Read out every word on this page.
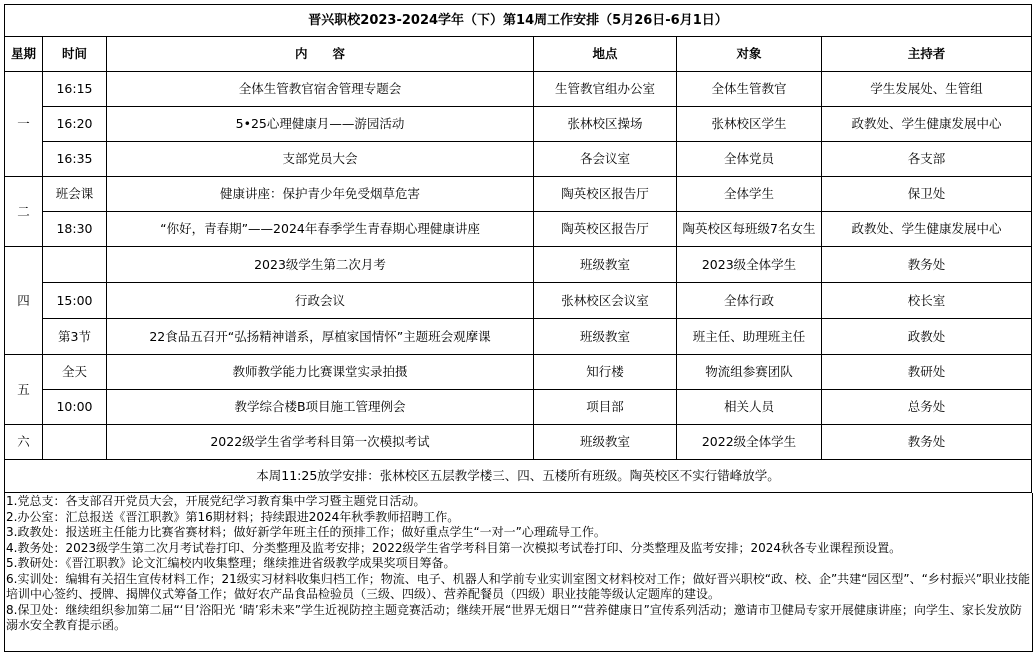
晋兴职校2023-2024学年（下）第14周工作安排（5月26日-6月1日）					
星期	时间	内　　容	地点	对象	主持者
一	16:15	全体生管教官宿舍管理专题会	生管教官组办公室	全体生管教官	学生发展处、生管组
	16:20	5•25心理健康月——游园活动	张林校区操场	张林校区学生	政教处、学生健康发展中心
	16:35	支部党员大会	各会议室	全体党员	各支部
二	班会课	健康讲座：保护青少年免受烟草危害	陶英校区报告厅	全体学生	保卫处
	18:30	“你好，青春期”——2024年春季学生青春期心理健康讲座	陶英校区报告厅	陶英校区每班级7名女生	政教处、学生健康发展中心
四		2023级学生第二次月考	班级教室	2023级全体学生	教务处
	15:00	行政会议	张林校区会议室	全体行政	校长室
	第3节	22食品五召开“弘扬精神谱系，厚植家国情怀”主题班会观摩课	班级教室	班主任、助理班主任	政教处
五	全天	教师教学能力比赛课堂实录拍摄	知行楼	物流组参赛团队	教研处
	10:00	教学综合楼B项目施工管理例会	项目部	相关人员	总务处
六		2022级学生省学考科目第一次模拟考试	班级教室	2022级全体学生	教务处
本周11:25放学安排：张林校区五层教学楼三、四、五楼所有班级。陶英校区不实行错峰放学。					
1.党总支：各支部召开党员大会，开展党纪学习教育集中学习暨主题党日活动。
2.办公室：汇总报送《晋江职教》第16期材料；持续跟进2024年秋季教师招聘工作。
3.政教处：报送班主任能力比赛省赛材料；做好新学年班主任的预排工作；做好重点学生“一对一”心理疏导工作。
4.教务处：2023级学生第二次月考试卷打印、分类整理及监考安排；2022级学生省学考科目第一次模拟考试卷打印、分类整理及监考安排；2024秋各专业课程预设置。
5.教研处：《晋江职教》论文汇编校内收集整理；继续推进省级教学成果奖项目筹备。
6.实训处：编辑有关招生宣传材料工作；21级实习材料收集归档工作；物流、电子、机器人和学前专业实训室图文材料校对工作；做好晋兴职校“政、校、企”共建“园区型”、“乡村振兴”职业技能培训中心签约、授牌、揭牌仪式筹备工作；做好农产品食品检验员（三级、四级）、营养配餐员（四级）职业技能等级认定题库的建设。
8.保卫处：继续组织参加第二届“‘目’浴阳光 ‘睛’彩未来”学生近视防控主题竞赛活动；继续开展“世界无烟日”“营养健康日”宣传系列活动；邀请市卫健局专家开展健康讲座；向学生、家长发放防溺水安全教育提示函。
